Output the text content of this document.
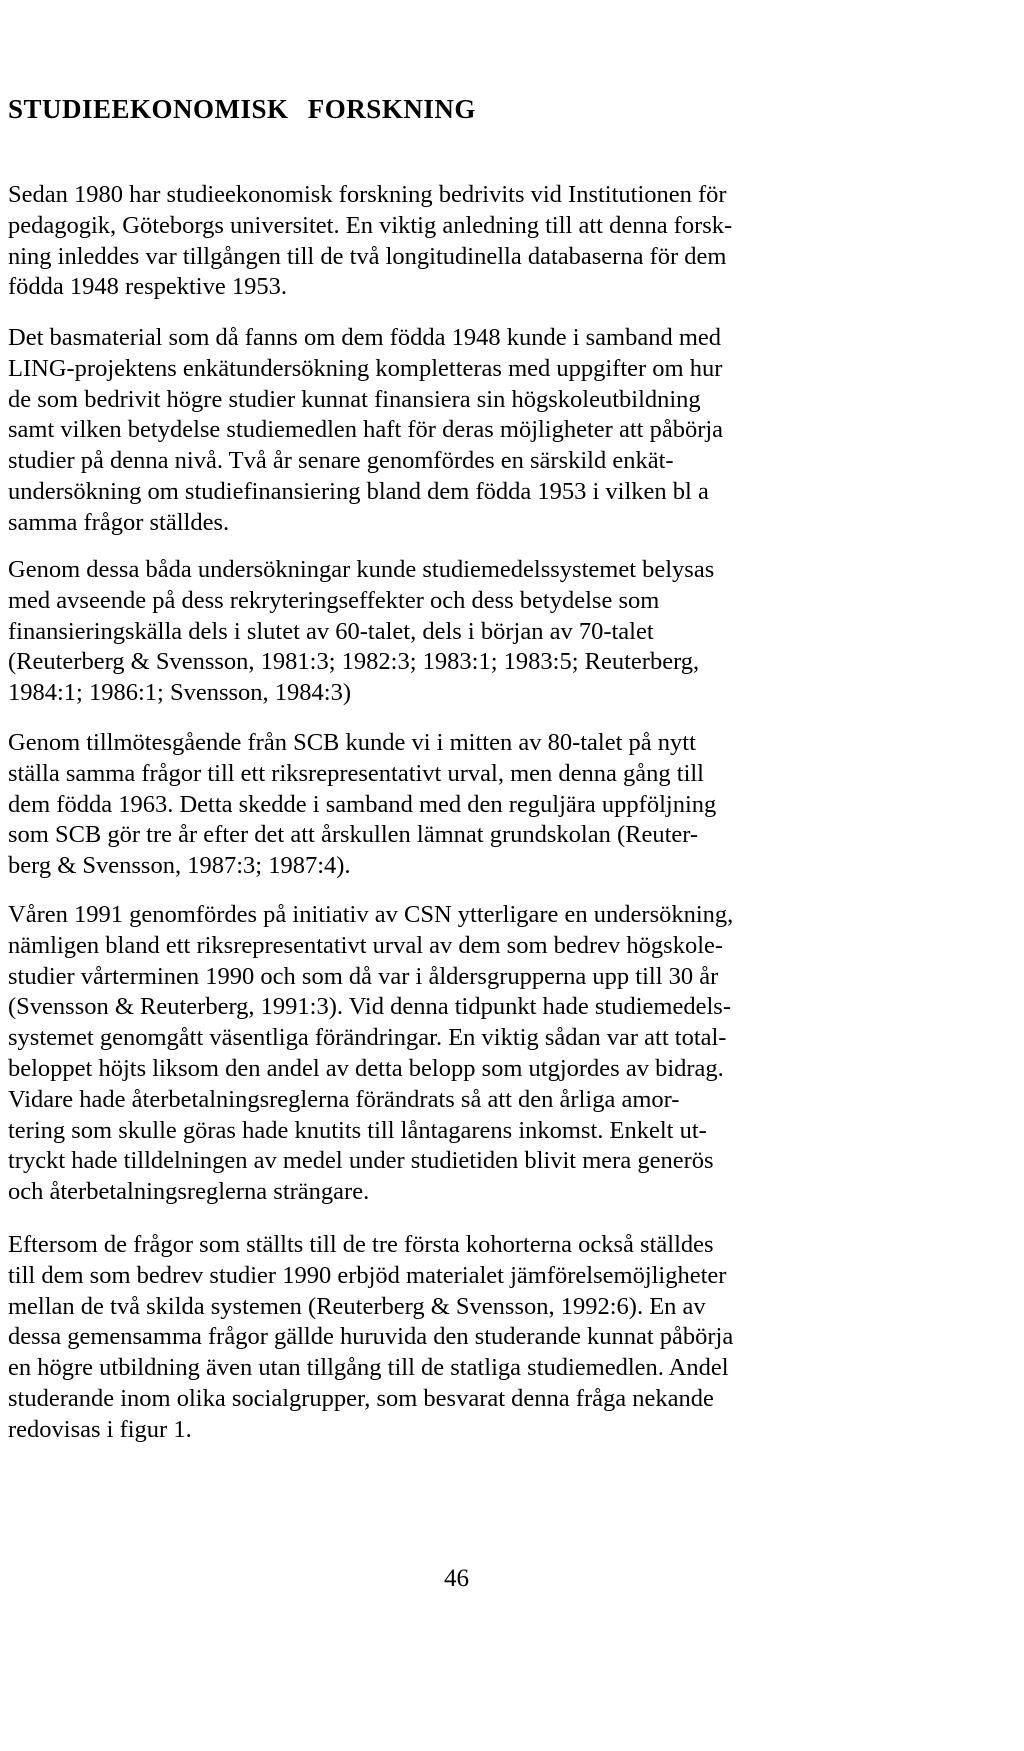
STUDIEEKONOMISK FORSKNING

Sedan 1980 har studieekonomisk forskning bedrivits vid Institutionen för
pedagogik, Göteborgs universitet. En viktig anledning till att denna forsk-
ning inleddes var tillgången till de två longitudinella databaserna för dem
födda 1948 respektive 1953.

Det basmaterial som då fanns om dem födda 1948 kunde i samband med
LING-projektens enkätundersökning kompletteras med uppgifter om hur
de som bedrivit högre studier kunnat finansiera sin högskoleutbildning
samt vilken betydelse studiemedlen haft för deras möjligheter att påbörja
studier på denna nivå. Två år senare genomfördes en särskild enkät-
undersökning om studiefinansiering bland dem födda 1953 i vilken bl a
samma frågor ställdes.

Genom dessa båda undersökningar kunde studiemedelssystemet belysas
med avseende på dess rekryteringseffekter och dess betydelse som
finansieringskälla dels i slutet av 60-talet, dels i början av 70-talet
(Reuterberg & Svensson, 1981:3; 1982:3; 1983:1; 1983:5; Reuterberg,
1984:1; 1986:1; Svensson, 1984:3)

Genom tillmötesgående från SCB kunde vi i mitten av 80-talet på nytt
ställa samma frågor till ett riksrepresentativt urval, men denna gång till
dem födda 1963. Detta skedde i samband med den reguljära uppföljning
som SCB gör tre år efter det att årskullen lämnat grundskolan (Reuter-
berg & Svensson, 1987:3; 1987:4).

Våren 1991 genomfördes på initiativ av CSN ytterligare en undersökning,
nämligen bland ett riksrepresentativt urval av dem som bedrev högskole-
studier vårterminen 1990 och som då var i åldersgrupperna upp till 30 år
(Svensson & Reuterberg, 1991:3). Vid denna tidpunkt hade studiemedels-
systemet genomgått väsentliga förändringar. En viktig sådan var att total-
beloppet höjts liksom den andel av detta belopp som utgjordes av bidrag.
Vidare hade återbetalningsreglerna förändrats så att den årliga amor-
tering som skulle göras hade knutits till låntagarens inkomst. Enkelt ut-
tryckt hade tilldelningen av medel under studietiden blivit mera generös
och återbetalningsreglerna strängare.

Eftersom de frågor som ställts till de tre första kohorterna också ställdes
till dem som bedrev studier 1990 erbjöd materialet jämförelsemöjligheter
mellan de två skilda systemen (Reuterberg & Svensson, 1992:6). En av
dessa gemensamma frågor gällde huruvida den studerande kunnat påbörja
en högre utbildning även utan tillgång till de statliga studiemedlen. Andel
studerande inom olika socialgrupper, som besvarat denna fråga nekande
redovisas i figur 1.

46
